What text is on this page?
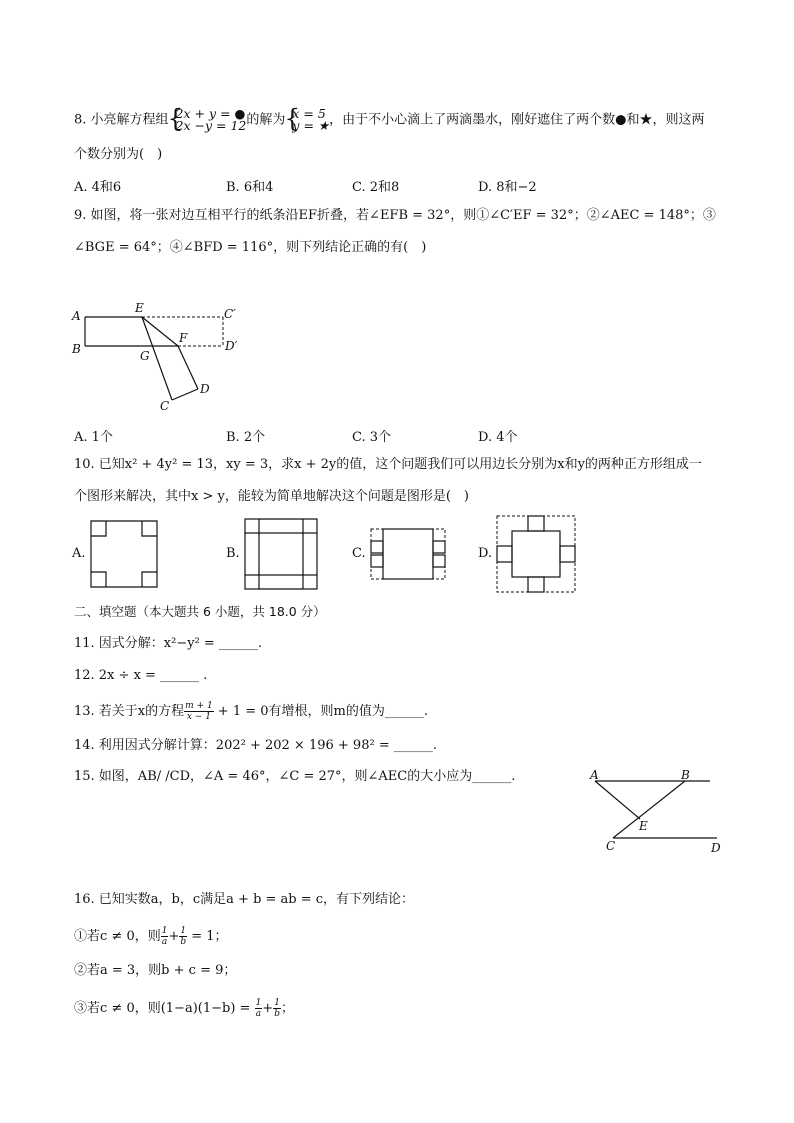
8. 小亮解方程组 { 2x + y = ●
2x −y = 12 的解为 { x = 5
y = ★ ，由于不小心滴上了两滴墨水，刚好遮住了两个数●和★，则这两
个数分别为(　)
A. 4和6	B. 6和4	C. 2和8	D. 8和−2
9. 如图，将一张对边互相平行的纸条沿EF折叠，若∠EFB = 32°，则①∠C′EF = 32°；②∠AEC = 148°；③
∠BGE = 64°；④∠BFD = 116°，则下列结论正确的有(　)
A
B
E
F
G
C
D
C′
D′
A. 1个	B. 2个	C. 3个	D. 4个
10. 已知x² + 4y² = 13，xy = 3，求x + 2y的值，这个问题我们可以用边长分别为x和y的两种正方形组成一
个图形来解决，其中x > y，能较为简单地解决这个问题是图形是(　)
A.	B.	C.	D.
二、填空题（本大题共 6 小题，共 18.0 分）
11. 因式分解：x²−y² = ______.
12. 2x ÷ x = ______ .
13. 若关于x的方程 $\frac{m + 1}{x - 1} + 1 = 0$有增根，则m的值为______.
14. 利用因式分解计算：202² + 202 × 196 + 98² = ______.
15. 如图，AB/ /CD，∠A = 46°，∠C = 27°，则∠AEC的大小应为______.	A	B
E
C	D
16. 已知实数a，b，c满足a + b = ab = c，有下列结论：
①若c ≠ 0，则 $\frac{1}{a} + \frac{1}{b} = 1$；
②若a = 3，则b + c = 9；
③若c ≠ 0，则$(1-a)(1-b) = \frac{1}{a} + \frac{1}{b}$ ；
